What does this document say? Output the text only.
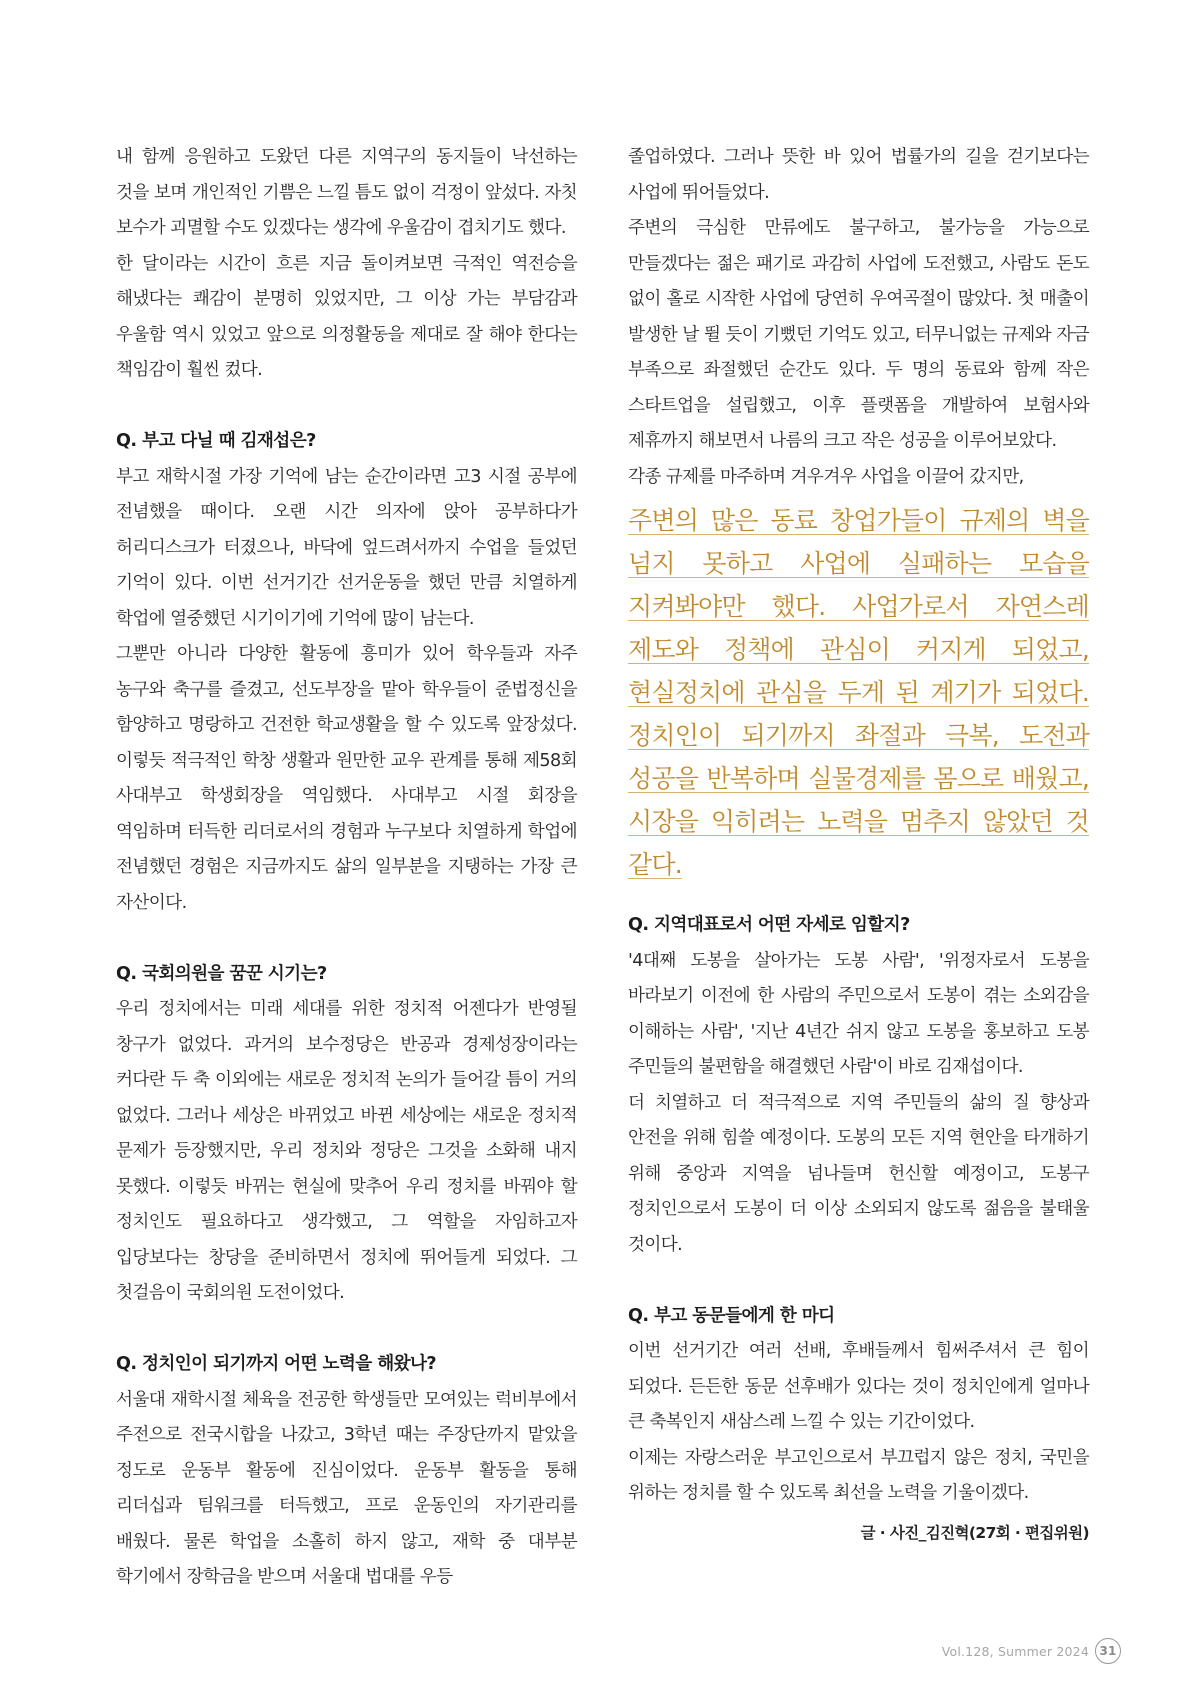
내 함께 응원하고 도왔던 다른 지역구의 동지들이 낙선하는 것을 보며 개인적인 기쁨은 느낄 틈도 없이 걱정이 앞섰다. 자칫 보수가 괴멸할 수도 있겠다는 생각에 우울감이 겹치기도 했다.

한 달이라는 시간이 흐른 지금 돌이켜보면 극적인 역전승을 해냈다는 쾌감이 분명히 있었지만, 그 이상 가는 부담감과 우울함 역시 있었고 앞으로 의정활동을 제대로 잘 해야 한다는 책임감이 훨씬 컸다.

Q. 부고 다닐 때 김재섭은?

부고 재학시절 가장 기억에 남는 순간이라면 고3 시절 공부에 전념했을 때이다. 오랜 시간 의자에 앉아 공부하다가 허리디스크가 터졌으나, 바닥에 엎드려서까지 수업을 들었던 기억이 있다. 이번 선거기간 선거운동을 했던 만큼 치열하게 학업에 열중했던 시기이기에 기억에 많이 남는다.

그뿐만 아니라 다양한 활동에 흥미가 있어 학우들과 자주 농구와 축구를 즐겼고, 선도부장을 맡아 학우들이 준법정신을 함양하고 명랑하고 건전한 학교생활을 할 수 있도록 앞장섰다. 이렇듯 적극적인 학창 생활과 원만한 교우 관계를 통해 제58회 사대부고 학생회장을 역임했다. 사대부고 시절 회장을 역임하며 터득한 리더로서의 경험과 누구보다 치열하게 학업에 전념했던 경험은 지금까지도 삶의 일부분을 지탱하는 가장 큰 자산이다.

Q. 국회의원을 꿈꾼 시기는?

우리 정치에서는 미래 세대를 위한 정치적 어젠다가 반영될 창구가 없었다. 과거의 보수정당은 반공과 경제성장이라는 커다란 두 축 이외에는 새로운 정치적 논의가 들어갈 틈이 거의 없었다. 그러나 세상은 바뀌었고 바뀐 세상에는 새로운 정치적 문제가 등장했지만, 우리 정치와 정당은 그것을 소화해 내지 못했다. 이렇듯 바뀌는 현실에 맞추어 우리 정치를 바꿔야 할 정치인도 필요하다고 생각했고, 그 역할을 자임하고자 입당보다는 창당을 준비하면서 정치에 뛰어들게 되었다. 그 첫걸음이 국회의원 도전이었다.

Q. 정치인이 되기까지 어떤 노력을 해왔나?

서울대 재학시절 체육을 전공한 학생들만 모여있는 럭비부에서 주전으로 전국시합을 나갔고, 3학년 때는 주장단까지 맡았을 정도로 운동부 활동에 진심이었다. 운동부 활동을 통해 리더십과 팀워크를 터득했고, 프로 운동인의 자기관리를 배웠다. 물론 학업을 소홀히 하지 않고, 재학 중 대부분 학기에서 장학금을 받으며 서울대 법대를 우등

졸업하였다. 그러나 뜻한 바 있어 법률가의 길을 걷기보다는 사업에 뛰어들었다.

주변의 극심한 만류에도 불구하고, 불가능을 가능으로 만들겠다는 젊은 패기로 과감히 사업에 도전했고, 사람도 돈도 없이 홀로 시작한 사업에 당연히 우여곡절이 많았다. 첫 매출이 발생한 날 뛸 듯이 기뻤던 기억도 있고, 터무니없는 규제와 자금 부족으로 좌절했던 순간도 있다. 두 명의 동료와 함께 작은 스타트업을 설립했고, 이후 플랫폼을 개발하여 보험사와 제휴까지 해보면서 나름의 크고 작은 성공을 이루어보았다.

각종 규제를 마주하며 겨우겨우 사업을 이끌어 갔지만,

주변의 많은 동료 창업가들이 규제의 벽을 넘지 못하고 사업에 실패하는 모습을 지켜봐야만 했다. 사업가로서 자연스레 제도와 정책에 관심이 커지게 되었고, 현실정치에 관심을 두게 된 계기가 되었다. 정치인이 되기까지 좌절과 극복, 도전과 성공을 반복하며 실물경제를 몸으로 배웠고, 시장을 익히려는 노력을 멈추지 않았던 것 같다.

Q. 지역대표로서 어떤 자세로 임할지?

'4대째 도봉을 살아가는 도봉 사람', '위정자로서 도봉을 바라보기 이전에 한 사람의 주민으로서 도봉이 겪는 소외감을 이해하는 사람', '지난 4년간 쉬지 않고 도봉을 홍보하고 도봉 주민들의 불편함을 해결했던 사람'이 바로 김재섭이다.

더 치열하고 더 적극적으로 지역 주민들의 삶의 질 향상과 안전을 위해 힘쓸 예정이다. 도봉의 모든 지역 현안을 타개하기 위해 중앙과 지역을 넘나들며 헌신할 예정이고, 도봉구 정치인으로서 도봉이 더 이상 소외되지 않도록 젊음을 불태울 것이다.

Q. 부고 동문들에게 한 마디

이번 선거기간 여러 선배, 후배들께서 힘써주셔서 큰 힘이 되었다. 든든한 동문 선후배가 있다는 것이 정치인에게 얼마나 큰 축복인지 새삼스레 느낄 수 있는 기간이었다.

이제는 자랑스러운 부고인으로서 부끄럽지 않은 정치, 국민을 위하는 정치를 할 수 있도록 최선을 노력을 기울이겠다.

글 · 사진_김진혁(27회 · 편집위원)
Vol.128, Summer 2024 31
